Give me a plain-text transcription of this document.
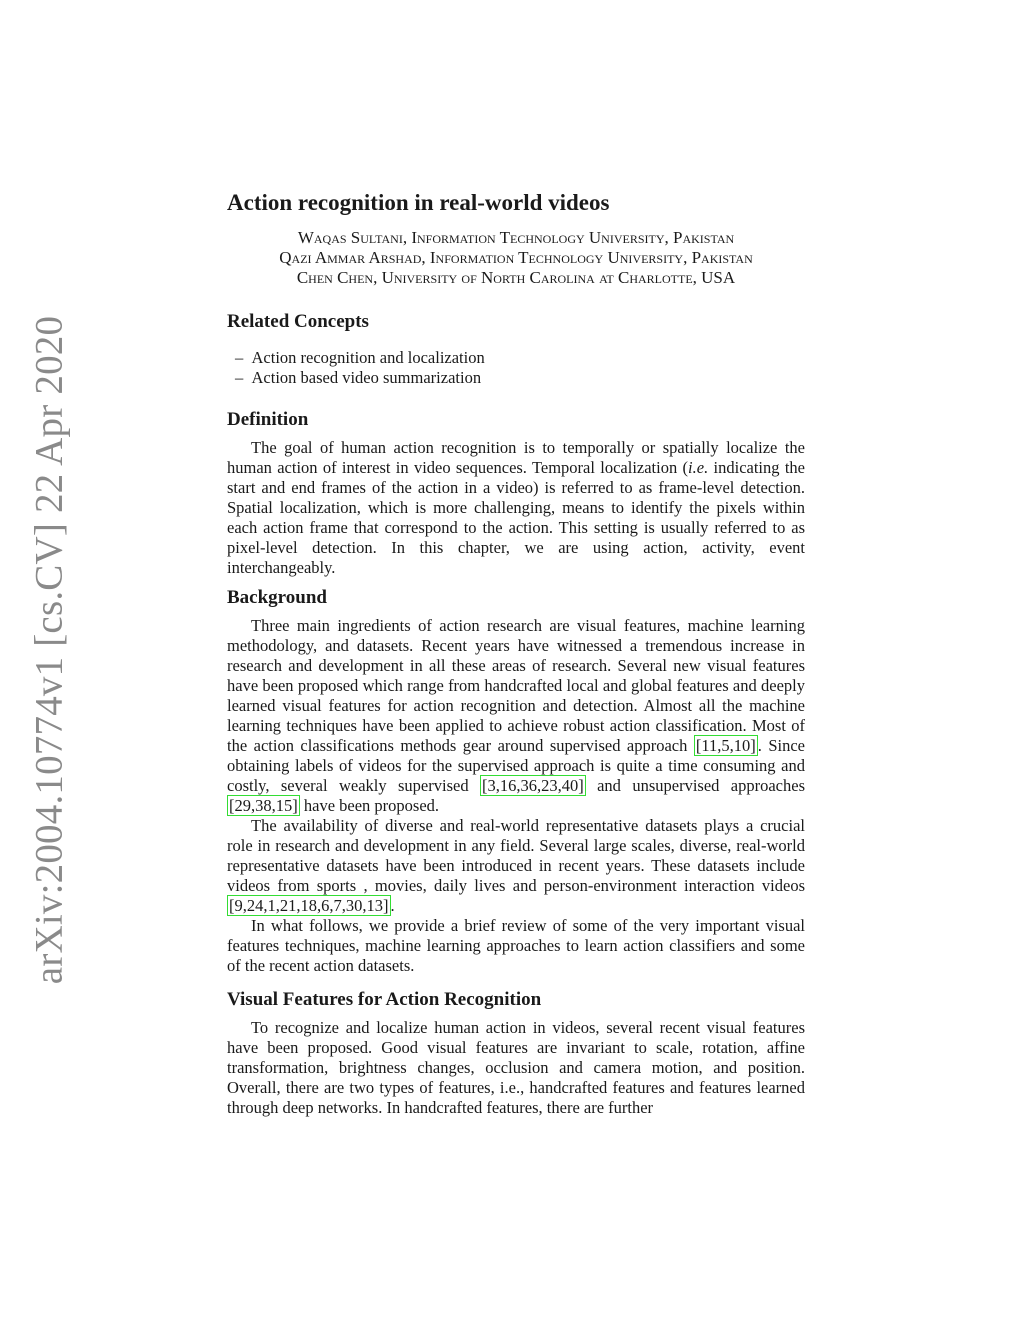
arXiv:2004.10774v1 [cs.CV] 22 Apr 2020
Action recognition in real-world videos
Waqas Sultani, Information Technology University, Pakistan
Qazi Ammar Arshad, Information Technology University, Pakistan
Chen Chen, University of North Carolina at Charlotte, USA
Related Concepts
–  Action recognition and localization
–  Action based video summarization
Definition

The goal of human action recognition is to temporally or spatially localize the human action of interest in video sequences. Temporal localization (i.e. indicating the start and end frames of the action in a video) is referred to as frame-level detection. Spatial localization, which is more challenging, means to identify the pixels within each action frame that correspond to the action. This setting is usually referred to as pixel-level detection. In this chapter, we are using action, activity, event interchangeably.

Background

Three main ingredients of action research are visual features, machine learning methodology, and datasets. Recent years have witnessed a tremendous increase in research and development in all these areas of research. Several new visual features have been proposed which range from handcrafted local and global features and deeply learned visual features for action recognition and detection. Almost all the machine learning techniques have been applied to achieve robust action classification. Most of the action classifications methods gear around supervised approach [11,5,10] . Since obtaining labels of videos for the supervised approach is quite a time consuming and costly, several weakly supervised [3,16,36,23,40] and unsupervised approaches [29,38,15] have been proposed.

The availability of diverse and real-world representative datasets plays a crucial role in research and development in any field. Several large scales, diverse, real-world representative datasets have been introduced in recent years. These datasets include videos from sports , movies, daily lives and person-environment interaction videos [9,24,1,21,18,6,7,30,13] .

In what follows, we provide a brief review of some of the very important visual features techniques, machine learning approaches to learn action classifiers and some of the recent action datasets.

Visual Features for Action Recognition

To recognize and localize human action in videos, several recent visual features have been proposed. Good visual features are invariant to scale, rotation, affine transformation, brightness changes, occlusion and camera motion, and position. Overall, there are two types of features, i.e., handcrafted features and features learned through deep networks. In handcrafted features, there are further
